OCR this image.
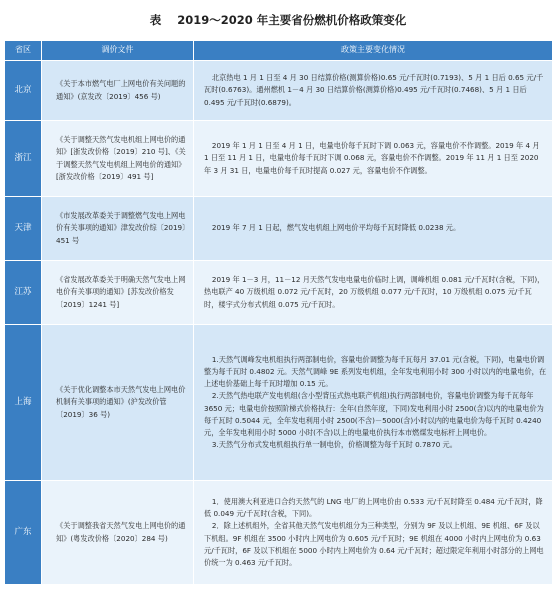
表 2019～2020 年主要省份燃机价格政策变化
省区	调价文件	政策主要变化情况
北京	《关于本市燃气电厂上网电价有关问题的通知》(京发改〔2019〕456 号)	北京热电 1 月 1 日至 4 月 30 日结算价格(测算价格)0.65 元/千瓦时(0.7193)、5 月 1 日后 0.65 元/千瓦时(0.6763)。通州燃机 1－4 月 30 日结算价格(测算价格)0.495 元/千瓦时(0.7468)、5 月 1 日后 0.495 元/千瓦时(0.6879)。

浙江	《关于调整天然气发电机组上网电价的通知》[浙发改价格〔2019〕210 号]、《关于调整天然气发电机组上网电价的通知》[浙发改价格〔2019〕491 号]	2019 年 1 月 1 日至 4 月 1 日，电量电价每千瓦时下调 0.063 元，容量电价不作调整。2019 年 4 月 1 日至 11 月 1 日，电量电价每千瓦时下调 0.068 元，容量电价不作调整。2019 年 11 月 1 日至 2020 年 3 月 31 日，电量电价每千瓦时提高 0.027 元，容量电价不作调整。

天津	《市发展改革委关于调整燃气发电上网电价有关事项的通知》津发改价综〔2019〕451 号	2019 年 7 月 1 日起，燃气发电机组上网电价平均每千瓦时降低 0.0238 元。

江苏	《省发展改革委关于明确天然气发电上网电价有关事项的通知》[苏发改价格发〔2019〕1241 号]	2019 年 1－3 月，11－12 月天然气发电电量电价临时上调，调峰机组 0.081 元/千瓦时(含税，下同)，热电联产 40 万级机组 0.072 元/千瓦时，20 万级机组 0.077 元/千瓦时，10 万级机组 0.075 元/千瓦时，楼宇式分布式机组 0.075 元/千瓦时。

上海	《关于优化调整本市天然气发电上网电价机制有关事项的通知》(沪发改价管〔2019〕36 号)	1.天然气调峰发电机组执行两部制电价，容量电价调整为每千瓦每月 37.01 元(含税，下同)，电量电价调整为每千瓦时 0.4802 元。天然气调峰 9E 系列发电机组，全年发电利用小时 300 小时以内的电量电价，在上述电价基础上每千瓦时增加 0.15 元。

2.天然气热电联产发电机组(含小型背压式热电联产机组)执行两部制电价，容量电价调整为每千瓦每年 3650 元；电量电价按照阶梯式价格执行：全年(自然年度，下同)发电利用小时 2500(含)以内的电量电价为每千瓦时 0.5044 元，全年发电利用小时 2500(不含)－5000(含)小时以内的电量电价为每千瓦时 0.4240 元，全年发电利用小时 5000 小时(不含)以上的电量电价执行本市燃煤发电标杆上网电价。

3.天然气分布式发电机组执行单一制电价，价格调整为每千瓦时 0.7870 元。

广东	《关于调整我省天然气发电上网电价的通知》(粤发改价格〔2020〕284 号)	1．使用澳大利亚进口合约天然气的 LNG 电厂的上网电价由 0.533 元/千瓦时降至 0.484 元/千瓦时，降低 0.049 元/千瓦时(含税，下同)。

2．除上述机组外，全省其他天然气发电机组分为三种类型，分别为 9F 及以上机组、9E 机组、6F 及以下机组。9F 机组在 3500 小时内上网电价为 0.605 元/千瓦时；9E 机组在 4000 小时内上网电价为 0.63 元/千瓦时，6F 及以下机组在 5000 小时内上网电价为 0.64 元/千瓦时；超过限定年利用小时部分的上网电价统一为 0.463 元/千瓦时。
